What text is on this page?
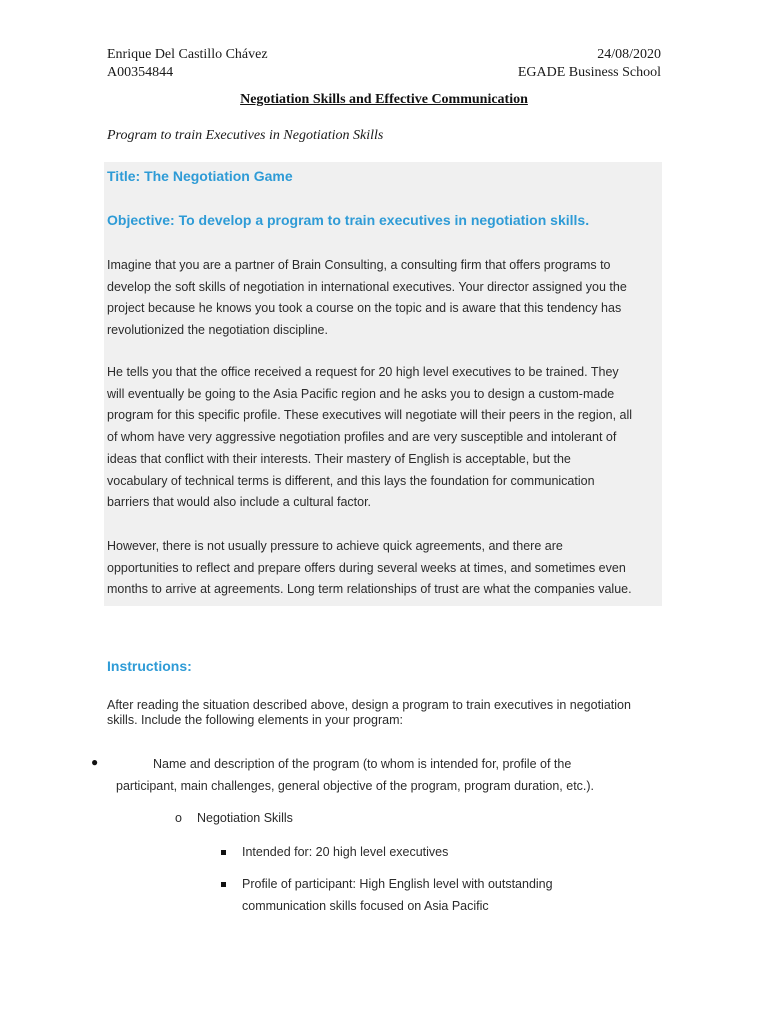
Enrique Del Castillo Chávez
A00354844
24/08/2020
EGADE Business School
Negotiation Skills and Effective Communication
Program to train Executives in Negotiation Skills
Title: The Negotiation Game
Objective: To develop a program to train executives in negotiation skills.
Imagine that you are a partner of Brain Consulting, a consulting firm that offers programs to
develop the soft skills of negotiation in international executives. Your director assigned you the
project because he knows you took a course on the topic and is aware that this tendency has
revolutionized the negotiation discipline.
He tells you that the office received a request for 20 high level executives to be trained. They
will eventually be going to the Asia Pacific region and he asks you to design a custom-made
program for this specific profile. These executives will negotiate will their peers in the region, all
of whom have very aggressive negotiation profiles and are very susceptible and intolerant of
ideas that conflict with their interests. Their mastery of English is acceptable, but the
vocabulary of technical terms is different, and this lays the foundation for communication
barriers that would also include a cultural factor.
However, there is not usually pressure to achieve quick agreements, and there are
opportunities to reflect and prepare offers during several weeks at times, and sometimes even
months to arrive at agreements. Long term relationships of trust are what the companies value.
Instructions:
After reading the situation described above, design a program to train executives in negotiation
skills. Include the following elements in your program:
●	Name and description of the program (to whom is intended for, profile of the
participant, main challenges, general objective of the program, program duration, etc.).
o Negotiation Skills
Intended for: 20 high level executives
Profile of participant: High English level with outstanding
communication skills focused on Asia Pacific
